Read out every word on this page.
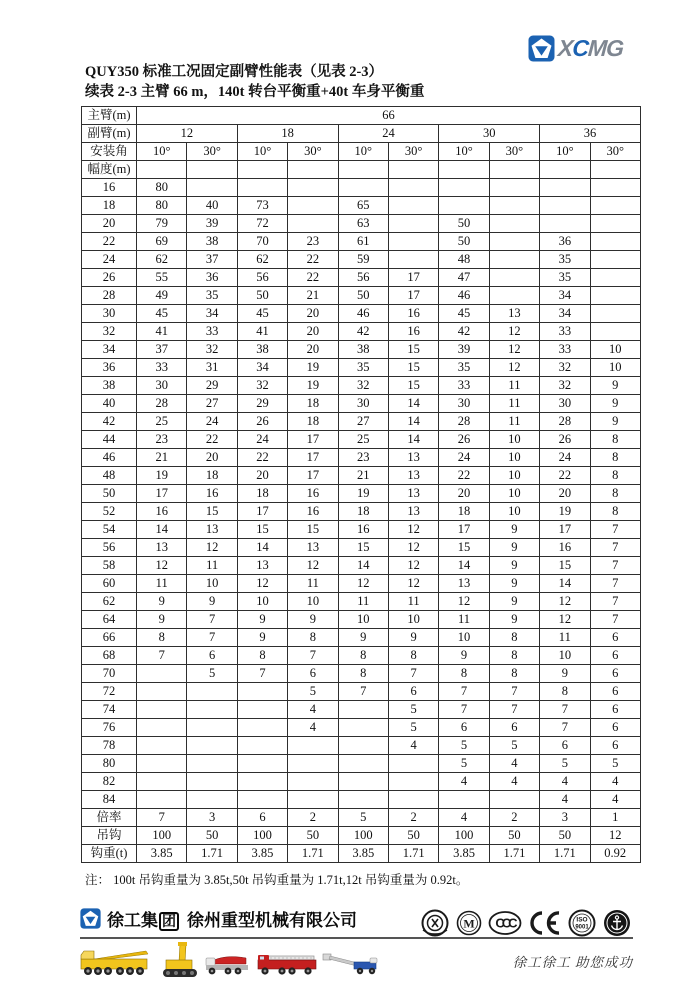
XCMG
QUY350 标准工况固定副臂性能表（见表 2-3）
续表 2-3 主臂 66 m，140t 转台平衡重+40t 车身平衡重
主臂(m)	66									
副臂(m)	12		18		24		30		36	
安装角	10°	30°	10°	30°	10°	30°	10°	30°	10°	30°
幅度(m)										
16	80									
18	80	40	73		65					
20	79	39	72		63		50			
22	69	38	70	23	61		50		36	
24	62	37	62	22	59		48		35	
26	55	36	56	22	56	17	47		35	
28	49	35	50	21	50	17	46		34	
30	45	34	45	20	46	16	45	13	34	
32	41	33	41	20	42	16	42	12	33	
34	37	32	38	20	38	15	39	12	33	10
36	33	31	34	19	35	15	35	12	32	10
38	30	29	32	19	32	15	33	11	32	9
40	28	27	29	18	30	14	30	11	30	9
42	25	24	26	18	27	14	28	11	28	9
44	23	22	24	17	25	14	26	10	26	8
46	21	20	22	17	23	13	24	10	24	8
48	19	18	20	17	21	13	22	10	22	8
50	17	16	18	16	19	13	20	10	20	8
52	16	15	17	16	18	13	18	10	19	8
54	14	13	15	15	16	12	17	9	17	7
56	13	12	14	13	15	12	15	9	16	7
58	12	11	13	12	14	12	14	9	15	7
60	11	10	12	11	12	12	13	9	14	7
62	9	9	10	10	11	11	12	9	12	7
64	9	7	9	9	10	10	11	9	12	7
66	8	7	9	8	9	9	10	8	11	6
68	7	6	8	7	8	8	9	8	10	6
70		5	7	6	8	7	8	8	9	6
72				5	7	6	7	7	8	6
74				4		5	7	7	7	6
76				4		5	6	6	7	6
78						4	5	5	6	6
80							5	4	5	5
82							4	4	4	4
84									4	4
倍率	7	3	6	2	5	2	4	2	3	1
吊钩	100	50	100	50	100	50	100	50	50	12
钩重(t)	3.85	1.71	3.85	1.71	3.85	1.71	3.85	1.71	1.71	0.92
注： 100t 吊钩重量为 3.85t,50t 吊钩重量为 1.71t,12t 吊钩重量为 0.92t。
徐工集 团 徐州重型机械有限公司	M CCC	ISO
9001
徐工徐工 助您成功
